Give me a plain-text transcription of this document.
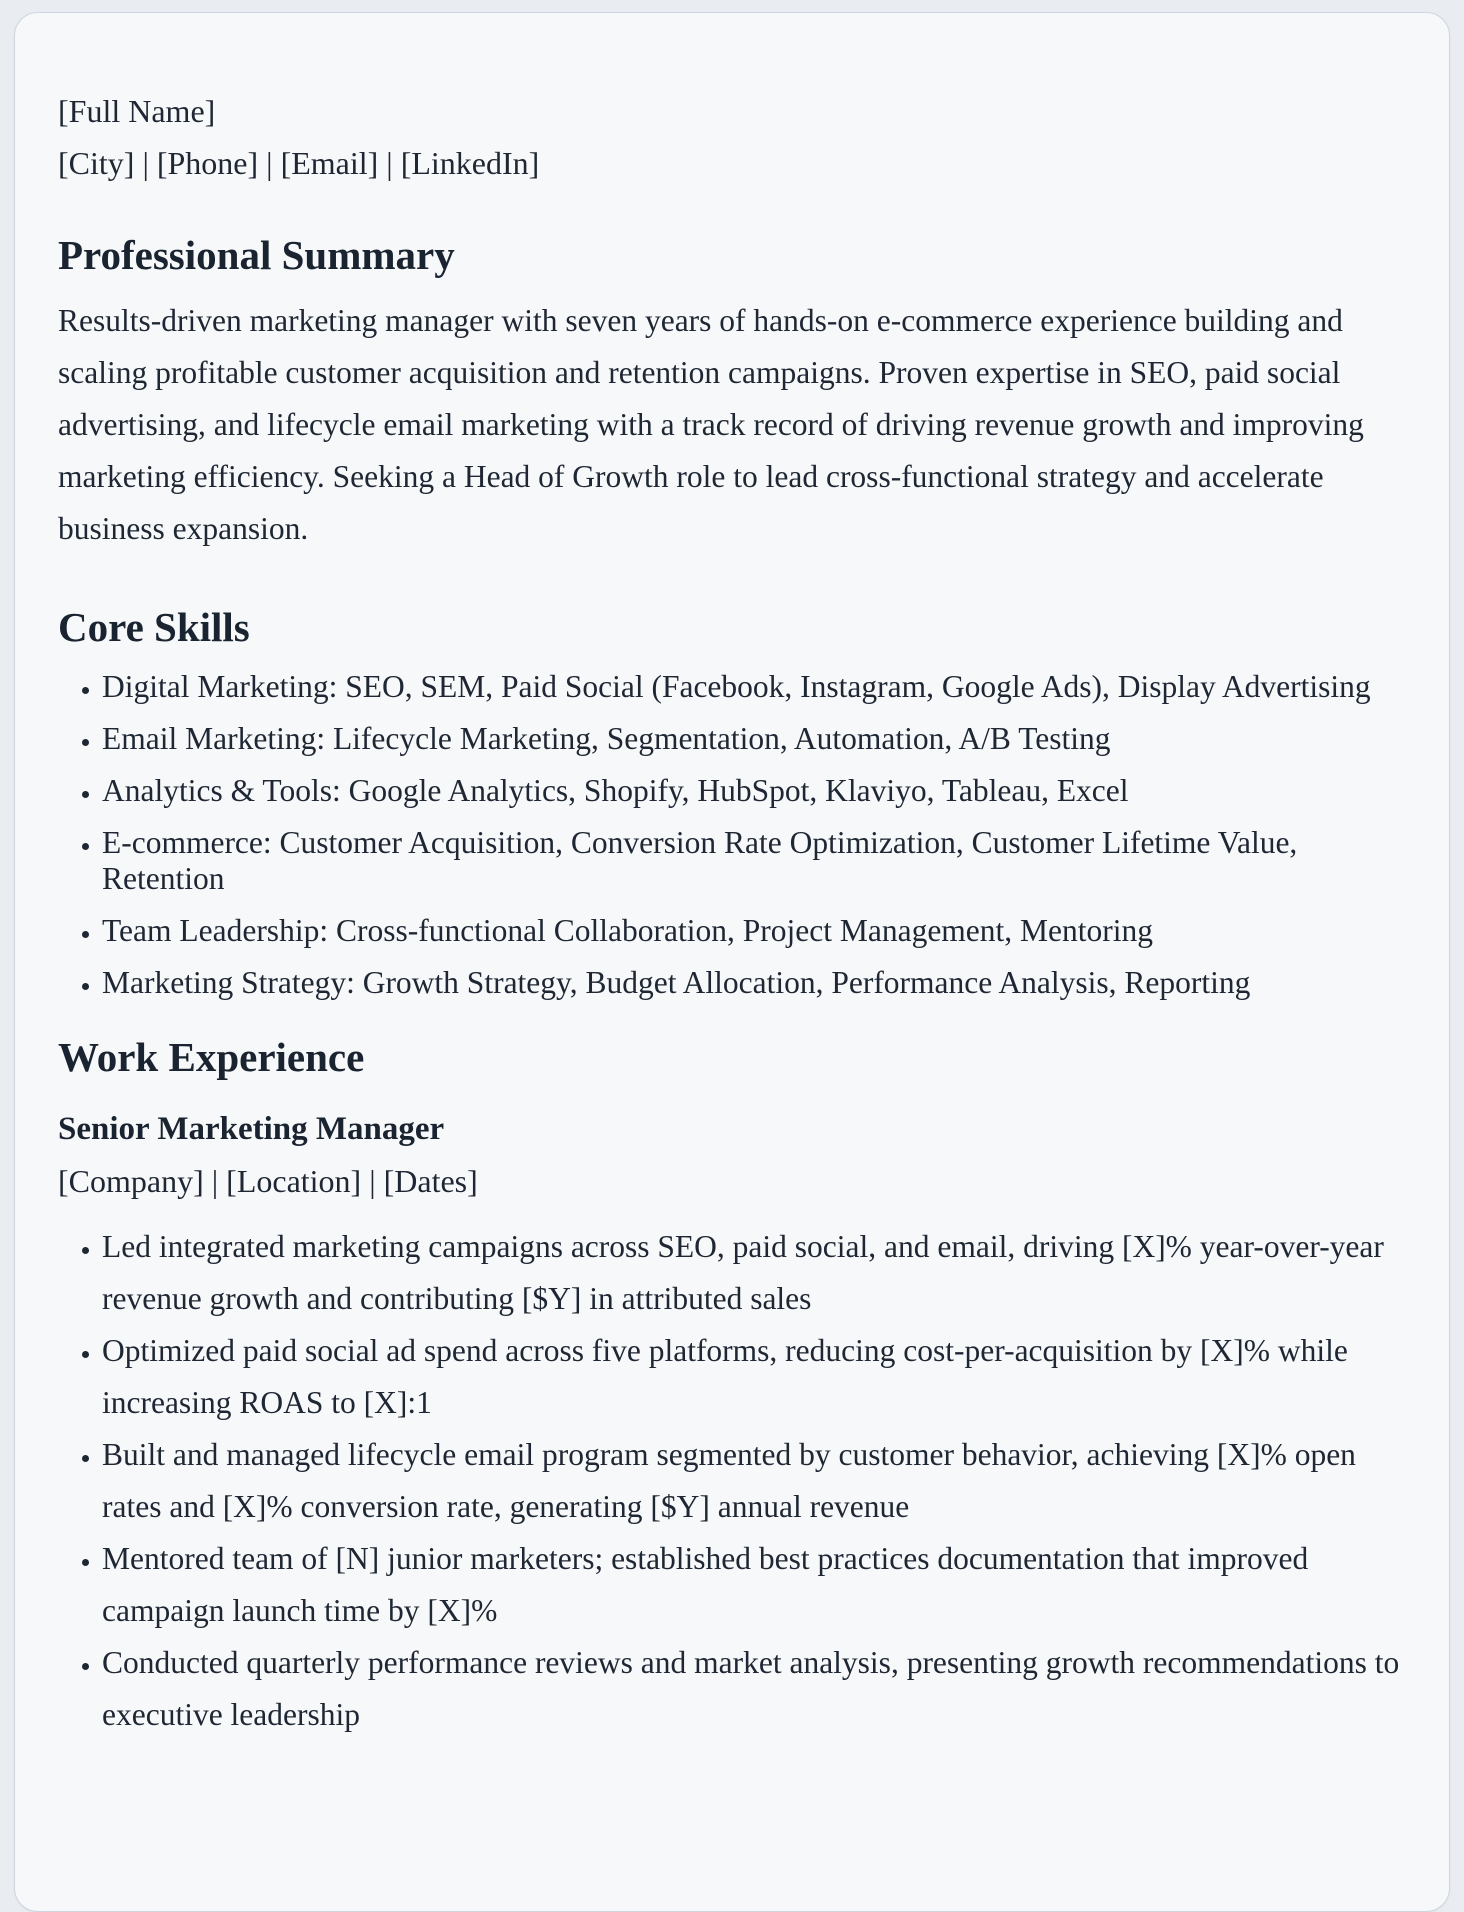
[Full Name]

[City] | [Phone] | [Email] | [LinkedIn]

Professional Summary

Results-driven marketing manager with seven years of hands-on e-commerce experience building and scaling profitable customer acquisition and retention campaigns. Proven expertise in SEO, paid social advertising, and lifecycle email marketing with a track record of driving revenue growth and improving marketing efficiency. Seeking a Head of Growth role to lead cross-functional strategy and accelerate business expansion.

Core Skills
• Digital Marketing: SEO, SEM, Paid Social (Facebook, Instagram, Google Ads), Display Advertising
• Email Marketing: Lifecycle Marketing, Segmentation, Automation, A/B Testing
• Analytics & Tools: Google Analytics, Shopify, HubSpot, Klaviyo, Tableau, Excel
• E-commerce: Customer Acquisition, Conversion Rate Optimization, Customer Lifetime Value, Retention
• Team Leadership: Cross-functional Collaboration, Project Management, Mentoring
• Marketing Strategy: Growth Strategy, Budget Allocation, Performance Analysis, Reporting
Work Experience
Senior Marketing Manager

[Company] | [Location] | [Dates]

• Led integrated marketing campaigns across SEO, paid social, and email, driving [X]% year-over-year revenue growth and contributing [$Y] in attributed sales
• Optimized paid social ad spend across five platforms, reducing cost-per-acquisition by [X]% while increasing ROAS to [X]:1
• Built and managed lifecycle email program segmented by customer behavior, achieving [X]% open rates and [X]% conversion rate, generating [$Y] annual revenue
• Mentored team of [N] junior marketers; established best practices documentation that improved campaign launch time by [X]%
• Conducted quarterly performance reviews and market analysis, presenting growth recommendations to executive leadership
